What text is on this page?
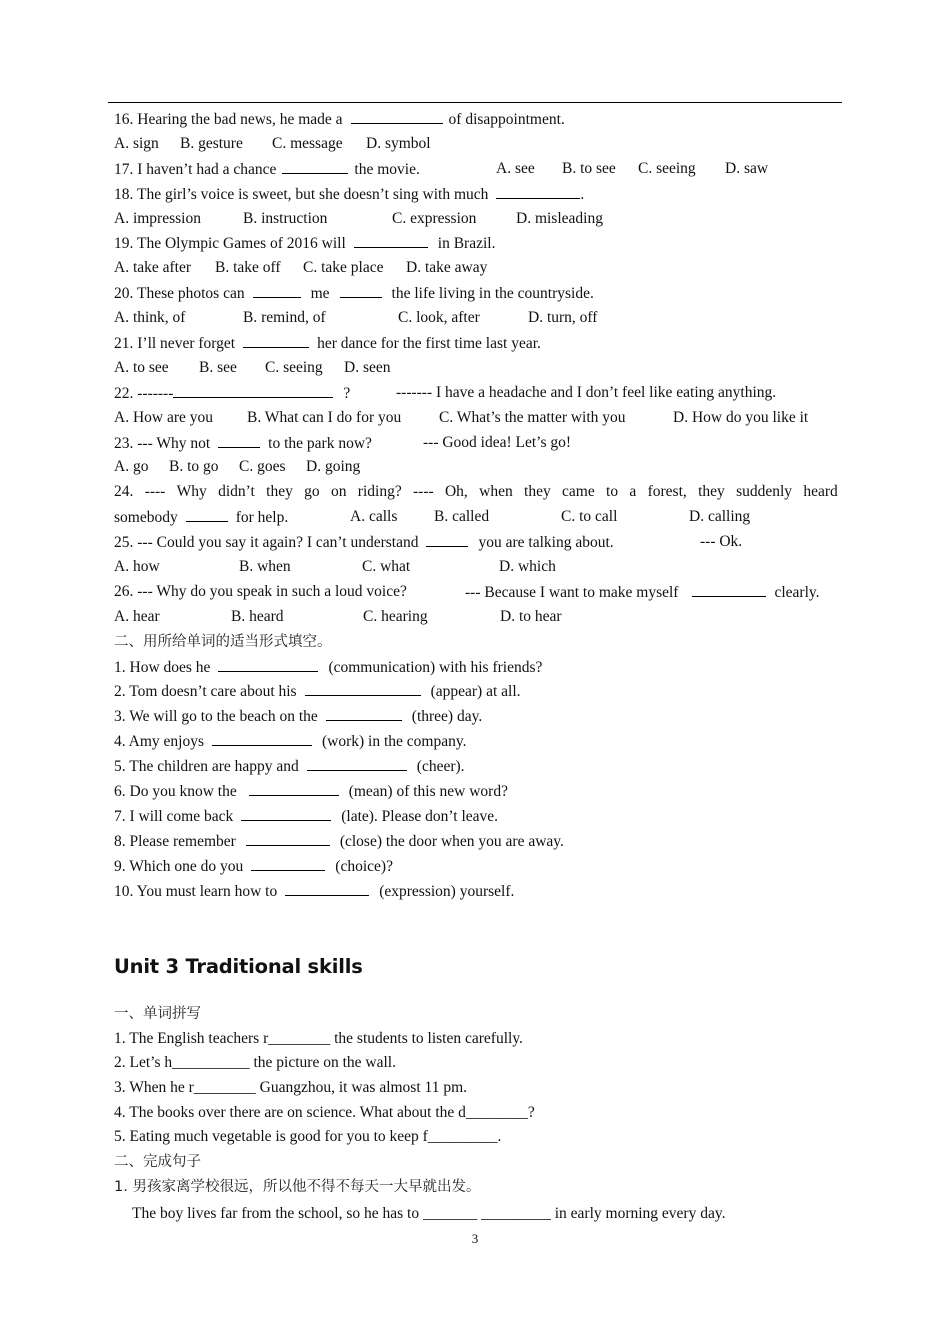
16. Hearing the bad news, he made a	of disappointment.
A. sign B. gesture C. message D. symbol
17. I haven’t had a chance	the movie.	A. see B. to see C. seeing D. saw
18. The girl’s voice is sweet, but she doesn’t sing with much	.
A. impression	B. instruction	C. expression	D. misleading
19. The Olympic Games of 2016 will	in Brazil.
A. take after B. take off C. take place D. take away
20. These photos can	me	the life living in the countryside.
A. think, of	B. remind, of	C. look, after	D. turn, off
21. I’ll never forget	her dance for the first time last year.
A. to see B. see C. seeing D. seen
22. -------	?	------- I have a headache and I don’t feel like eating anything.
A. How are you B. What can I do for you C. What’s the matter with you	D. How do you like it
23. --- Why not	to the park now?	--- Good idea! Let’s go!
A. go B. to go C. goes D. going
24. ---- Why didn’t they go on riding? ---- Oh, when they came to a forest, they suddenly heard
somebody	for help.	A. calls B. called	C. to call	D. calling
25. --- Could you say it again? I can’t understand	you are talking about.	--- Ok.
A. how	B. when	C. what	D. which
26. --- Why do you speak in such a loud voice?	--- Because I want to make myself	clearly.
A. hear	B. heard	C. hearing	D. to hear
二、用所给单词的适当形式填空。
1. How does he	(communication) with his friends?
2. Tom doesn’t care about his	(appear) at all.
3. We will go to the beach on the	(three) day.
4. Amy enjoys	(work) in the company.
5. The children are happy and	(cheer).
6. Do you know the	(mean) of this new word?
7. I will come back	(late). Please don’t leave.
8. Please remember	(close) the door when you are away.
9. Which one do you	(choice)?
10. You must learn how to	(expression) yourself.
Unit 3 Traditional skills
一、单词拼写
1. The English teachers r________ the students to listen carefully.
2. Let’s h__________ the picture on the wall.
3. When he r________ Guangzhou, it was almost 11 pm.
4. The books over there are on science. What about the d________?
5. Eating much vegetable is good for you to keep f_________.
二、完成句子
1. 男孩家离学校很远，所以他不得不每天一大早就出发。
The boy lives far from the school, so he has to _______ _________ in early morning every day.
3
